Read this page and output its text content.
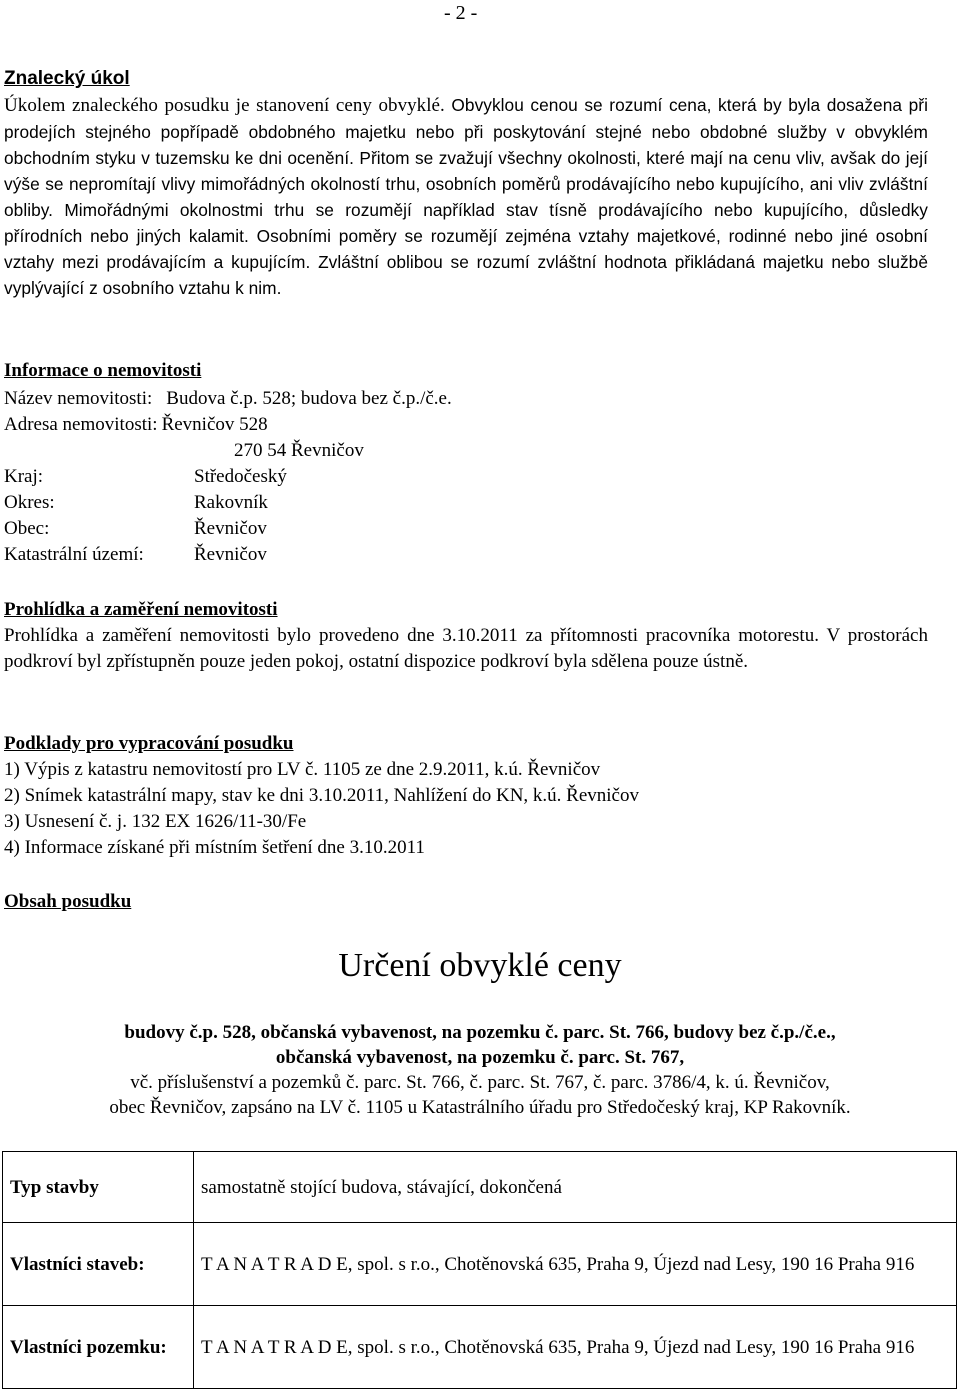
- 2 -

Znalecký úkol

Úkolem znaleckého posudku je stanovení ceny obvyklé. Obvyklou cenou se rozumí cena, která by byla dosažena při prodejích stejného popřípadě obdobného majetku nebo při poskytování stejné nebo obdobné služby v obvyklém obchodním styku v tuzemsku ke dni ocenění. Přitom se zvažují všechny okolnosti, které mají na cenu vliv, avšak do její výše se nepromítají vlivy mimořádných okolností trhu, osobních poměrů prodávajícího nebo kupujícího, ani vliv zvláštní obliby. Mimořádnými okolnostmi trhu se rozumějí například stav tísně prodávajícího nebo kupujícího, důsledky přírodních nebo jiných kalamit. Osobními poměry se rozumějí zejména vztahy majetkové, rodinné nebo jiné osobní vztahy mezi prodávajícím a kupujícím. Zvláštní oblibou se rozumí zvláštní hodnota přikládaná majetku nebo službě vyplývající z osobního vztahu k nim.

Informace o nemovitosti

Název nemovitosti: Budova č.p. 528; budova bez č.p./č.e.
Adresa nemovitosti: Řevničov 528
270 54 Řevničov
Kraj:	Středočeský
Okres:	Rakovník
Obec:	Řevničov
Katastrální území:	Řevničov

Prohlídka a zaměření nemovitosti

Prohlídka a zaměření nemovitosti bylo provedeno dne 3.10.2011 za přítomnosti pracovníka motorestu. V prostorách podkroví byl zpřístupněn pouze jeden pokoj, ostatní dispozice podkroví byla sdělena pouze ústně.

Podklady pro vypracování posudku

1) Výpis z katastru nemovitostí pro LV č. 1105 ze dne 2.9.2011, k.ú. Řevničov

2) Snímek katastrální mapy, stav ke dni 3.10.2011, Nahlížení do KN, k.ú. Řevničov

3) Usnesení č. j. 132 EX 1626/11-30/Fe

4) Informace získané při místním šetření dne 3.10.2011

Obsah posudku

Určení obvyklé ceny
budovy č.p. 528, občanská vybavenost, na pozemku č. parc. St. 766, budovy bez č.p./č.e.,
občanská vybavenost, na pozemku č. parc. St. 767,
vč. příslušenství a pozemků č. parc. St. 766, č. parc. St. 767, č. parc. 3786/4, k. ú. Řevničov,
obec Řevničov, zapsáno na LV č. 1105 u Katastrálního úřadu pro Středočeský kraj, KP Rakovník.
Typ stavby	samostatně stojící budova, stávající, dokončená
Vlastníci staveb:	T A N A T R A D E, spol. s r.o., Chotěnovská 635, Praha 9, Újezd nad Lesy, 190 16 Praha 916
Vlastníci pozemku:	T A N A T R A D E, spol. s r.o., Chotěnovská 635, Praha 9, Újezd nad Lesy, 190 16 Praha 916
